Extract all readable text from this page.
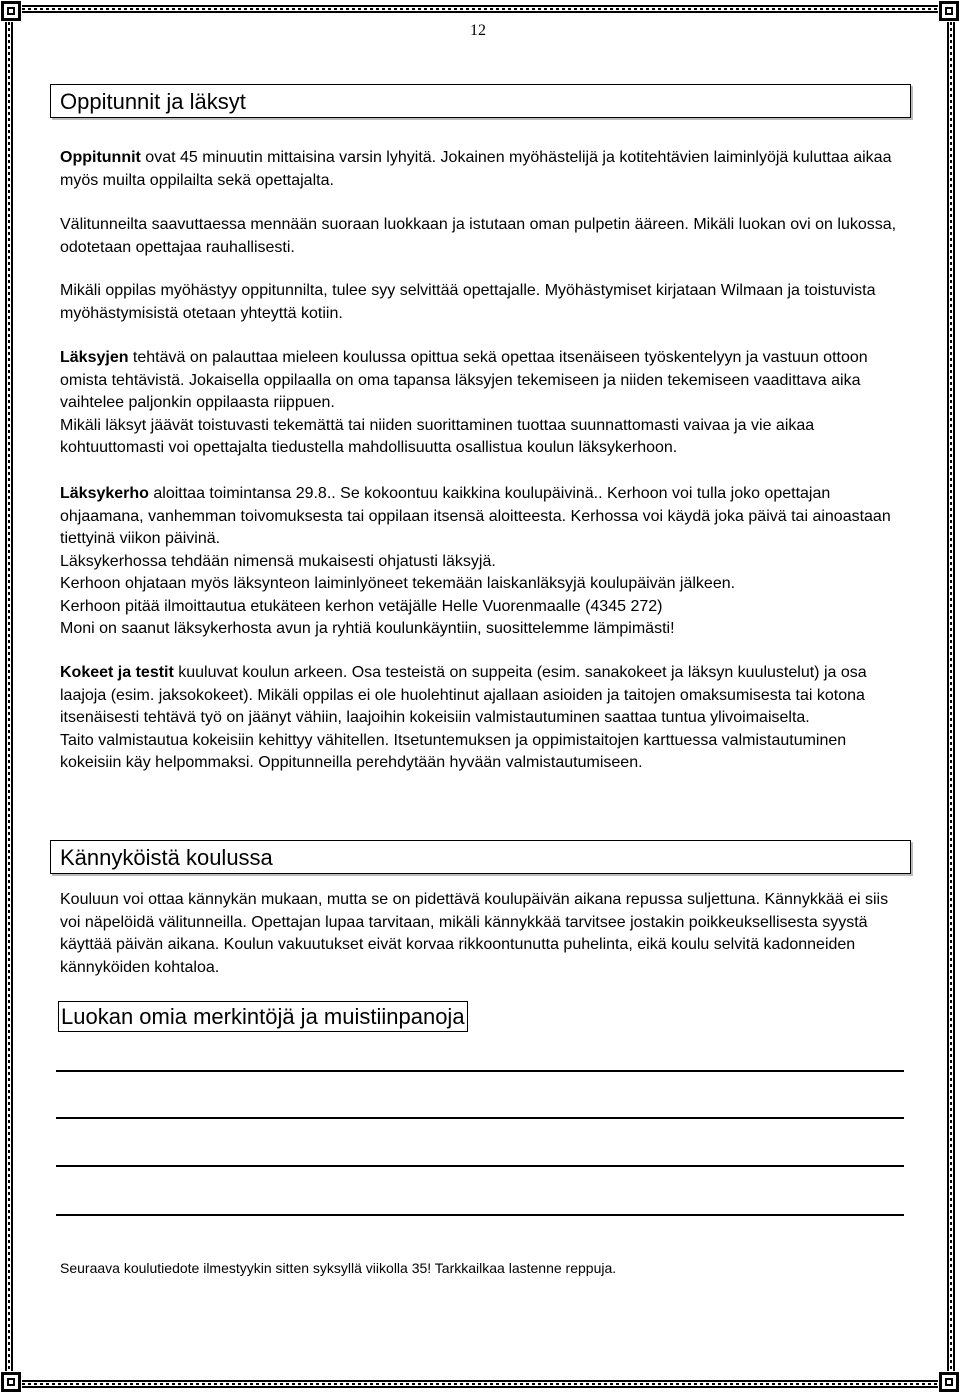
12
Oppitunnit ja läksyt

Oppitunnit ovat 45 minuutin mittaisina varsin lyhyitä. Jokainen myöhästelijä ja kotitehtävien laiminlyöjä kuluttaa aikaa myös muilta oppilailta sekä opettajalta.

Välitunneilta saavuttaessa mennään suoraan luokkaan ja istutaan oman pulpetin ääreen. Mikäli luokan ovi on lukossa, odotetaan opettajaa rauhallisesti.

Mikäli oppilas myöhästyy oppitunnilta, tulee syy selvittää opettajalle. Myöhästymiset kirjataan Wilmaan ja toistuvista myöhästymisistä otetaan yhteyttä kotiin.

Läksyjen tehtävä on palauttaa mieleen koulussa opittua sekä opettaa itsenäiseen työskentelyyn ja vastuun ottoon omista tehtävistä. Jokaisella oppilaalla on oma tapansa läksyjen tekemiseen ja niiden tekemiseen vaadittava aika vaihtelee paljonkin oppilaasta riippuen.

Mikäli läksyt jäävät toistuvasti tekemättä tai niiden suorittaminen tuottaa suunnattomasti vaivaa ja vie aikaa kohtuuttomasti voi opettajalta tiedustella mahdollisuutta osallistua koulun läksykerhoon.

Läksykerho aloittaa toimintansa 29.8.. Se kokoontuu kaikkina koulupäivinä.. Kerhoon voi tulla joko opettajan ohjaamana, vanhemman toivomuksesta tai oppilaan itsensä aloitteesta. Kerhossa voi käydä joka päivä tai ainoastaan tiettyinä viikon päivinä.

Läksykerhossa tehdään nimensä mukaisesti ohjatusti läksyjä.

Kerhoon ohjataan myös läksynteon laiminlyöneet tekemään laiskanläksyjä koulupäivän jälkeen.

Kerhoon pitää ilmoittautua etukäteen kerhon vetäjälle Helle Vuorenmaalle (4345 272)

Moni on saanut läksykerhosta avun ja ryhtiä koulunkäyntiin, suosittelemme lämpimästi!

Kokeet ja testit kuuluvat koulun arkeen. Osa testeistä on suppeita (esim. sanakokeet ja läksyn kuulustelut) ja osa laajoja (esim. jaksokokeet). Mikäli oppilas ei ole huolehtinut ajallaan asioiden ja taitojen omaksumisesta tai kotona itsenäisesti tehtävä työ on jäänyt vähiin, laajoihin kokeisiin valmistautuminen saattaa tuntua ylivoimaiselta.

Taito valmistautua kokeisiin kehittyy vähitellen. Itsetuntemuksen ja oppimistaitojen karttuessa valmistautuminen kokeisiin käy helpommaksi. Oppitunneilla perehdytään hyvään valmistautumiseen.

Kännyköistä koulussa

Kouluun voi ottaa kännykän mukaan, mutta se on pidettävä koulupäivän aikana repussa suljettuna. Kännykkää ei siis voi näpelöidä välitunneilla. Opettajan lupaa tarvitaan, mikäli kännykkää tarvitsee jostakin poikkeuksellisesta syystä käyttää päivän aikana. Koulun vakuutukset eivät korvaa rikkoontunutta puhelinta, eikä koulu selvitä kadonneiden kännyköiden kohtaloa.

Luokan omia merkintöjä ja muistiinpanoja
Seuraava koulutiedote ilmestyykin sitten syksyllä viikolla 35! Tarkkailkaa lastenne reppuja.
